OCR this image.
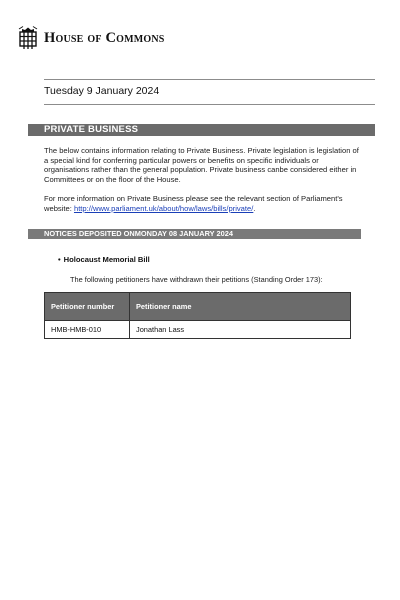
House of Commons
Tuesday 9 January 2024
PRIVATE BUSINESS

The below contains information relating to Private Business. Private legislation is legislation of a special kind for conferring particular powers or benefits on specific individuals or organisations rather than the general population. Private business canbe considered either in Committees or on the floor of the House.

For more information on Private Business please see the relevant section of Parliament's website: http://www.parliament.uk/about/how/laws/bills/private/.

NOTICES DEPOSITED ONMONDAY 08 JANUARY 2024
• Holocaust Memorial Bill
The following petitioners have withdrawn their petitions (Standing Order 173):
Petitioner number	Petitioner name
HMB-HMB-010	Jonathan Lass
